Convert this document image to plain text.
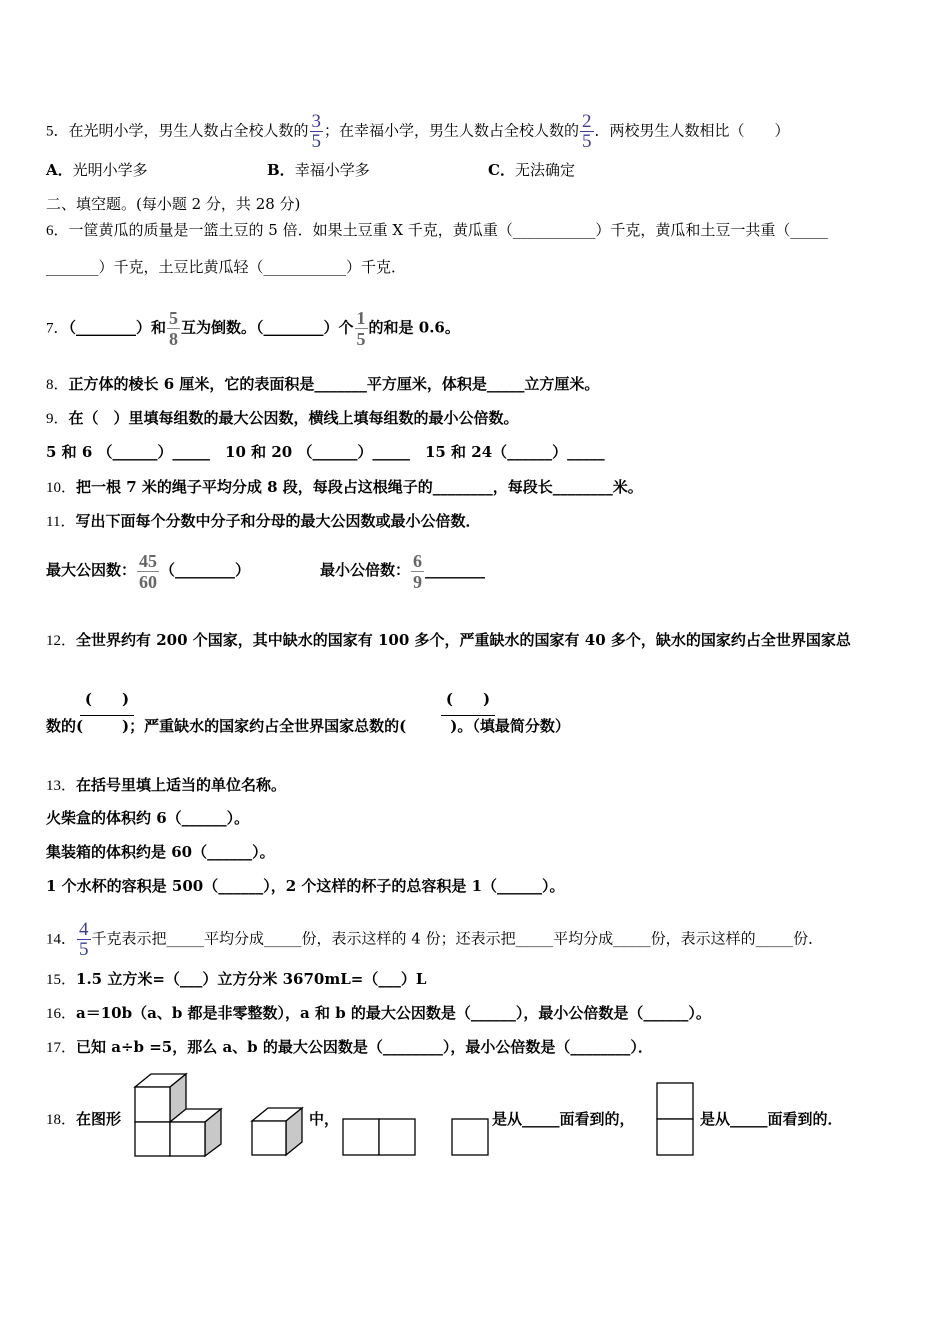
5．在光明小学，男生人数占全校人数的 $\frac{3}{5}$ ；在幸福小学，男生人数占全校人数的 $\frac{2}{5}$ ．两校男生人数相比（　　）
A．光明小学多	B．幸福小学多	C．无法确定
二、填空题。(每小题 2 分，共 28 分)
6．一筐黄瓜的质量是一篮土豆的 5 倍．如果土豆重 X 千克，黄瓜重（___________）千克，黄瓜和土豆一共重（_____
_______）千克，土豆比黄瓜轻（___________）千克．
7．（________）和 $\frac{5}{8}$ 互为倒数。（________）个 $\frac{1}{5}$ 的和是 0.6。
8．正方体的棱长 6 厘米，它的表面积是_______平方厘米，体积是_____立方厘米。
9．在（　）里填每组数的最大公因数，横线上填每组数的最小公倍数。
5 和 6 （______）_____　10 和 20 （______）_____　15 和 24（______）_____
10．把一根 7 米的绳子平均分成 8 段，每段占这根绳子的________，每段长________米。
11．写出下面每个分数中分子和分母的最大公因数或最小公倍数．
最大公因数： $\frac{45}{60}$ （________）	最小公倍数： $\frac{6}{9}$ ________
12．全世界约有 200 个国家，其中缺水的国家有 100 多个，严重缺水的国家有 40 多个，缺水的国家约占全世界国家总
(　　)	(　　)
数的(	)；严重缺水的国家约占全世界国家总数的(	)。（填最简分数）
13．在括号里填上适当的单位名称。
火柴盒的体积约 6（______）。
集装箱的体积约是 60（______）。
1 个水杯的容积是 500（______），2 个这样的杯子的总容积是 1（______）。
14． $\frac{4}{5}$ 千克表示把_____平均分成_____份，表示这样的 4 份；还表示把_____平均分成_____份，表示这样的_____份．
15．1.5 立方米=（___）立方分米 3670mL=（___）L
16．a＝10b（a、b 都是非零整数），a 和 b 的最大公因数是（______），最小公倍数是（______）。
17．已知 a÷b =5，那么 a、b 的最大公因数是（________），最小公倍数是（________）．
18．在图形	中，	是从_____面看到的，	是从_____面看到的．
